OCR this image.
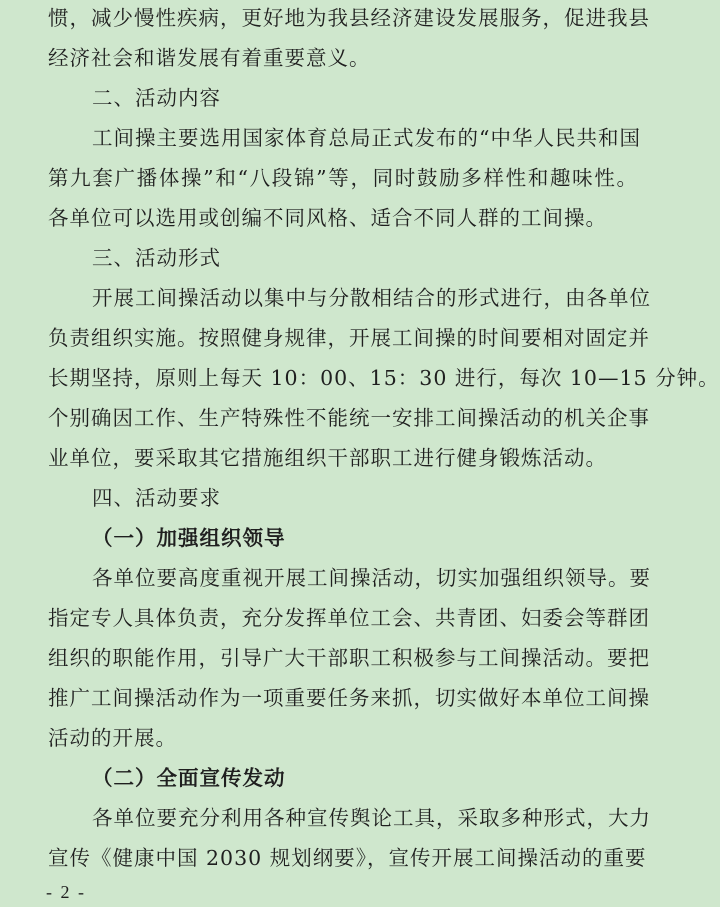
惯，减少慢性疾病，更好地为我县经济建设发展服务，促进我县
经济社会和谐发展有着重要意义。
二、活动内容
工间操主要选用国家体育总局正式发布的“中华人民共和国
第九套广播体操”和“八段锦”等，同时鼓励多样性和趣味性。
各单位可以选用或创编不同风格、适合不同人群的工间操。
三、活动形式
开展工间操活动以集中与分散相结合的形式进行，由各单位
负责组织实施。按照健身规律，开展工间操的时间要相对固定并
长期坚持，原则上每天 10：00、15：30 进行，每次 10—15 分钟。
个别确因工作、生产特殊性不能统一安排工间操活动的机关企事
业单位，要采取其它措施组织干部职工进行健身锻炼活动。
四、活动要求
（一）加强组织领导
各单位要高度重视开展工间操活动，切实加强组织领导。要
指定专人具体负责，充分发挥单位工会、共青团、妇委会等群团
组织的职能作用，引导广大干部职工积极参与工间操活动。要把
推广工间操活动作为一项重要任务来抓，切实做好本单位工间操
活动的开展。
（二）全面宣传发动
各单位要充分利用各种宣传舆论工具，采取多种形式，大力
宣传《健康中国 2030 规划纲要》，宣传开展工间操活动的重要
- 2 -
